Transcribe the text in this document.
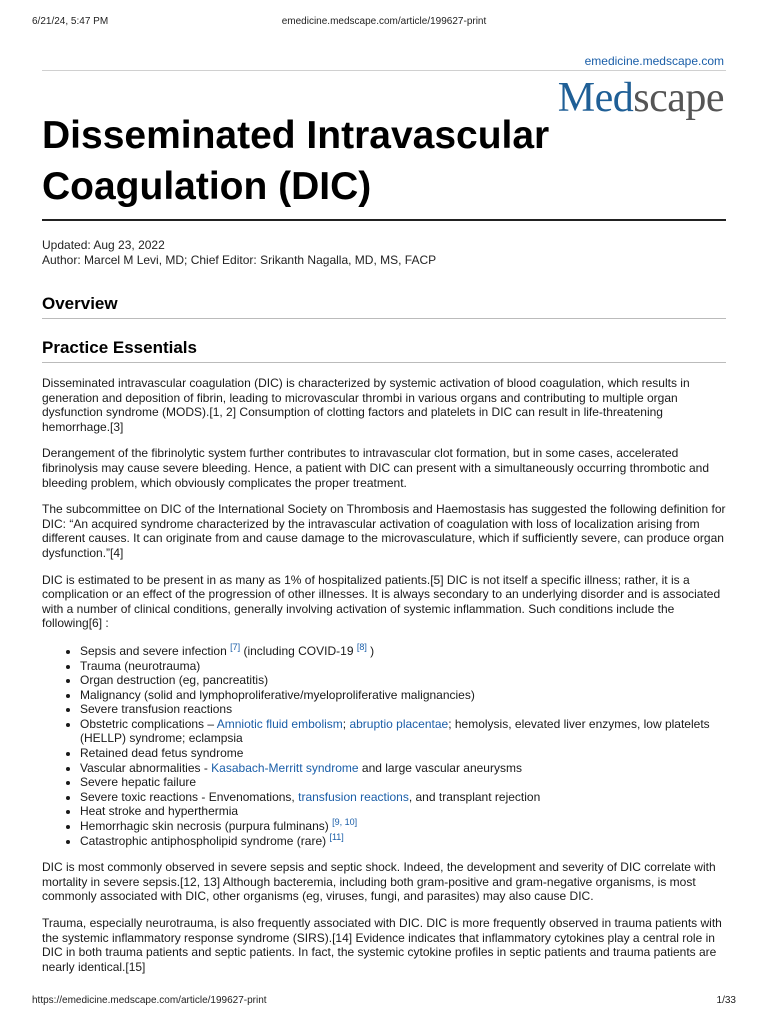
6/21/24, 5:47 PM	emedicine.medscape.com/article/199627-print
emedicine.medscape.com
Medscape
Disseminated Intravascular Coagulation (DIC)
Updated: Aug 23, 2022
Author: Marcel M Levi, MD; Chief Editor: Srikanth Nagalla, MD, MS, FACP
Overview
Practice Essentials

Disseminated intravascular coagulation (DIC) is characterized by systemic activation of blood coagulation, which results in generation and deposition of fibrin, leading to microvascular thrombi in various organs and contributing to multiple organ dysfunction syndrome (MODS).[1, 2] Consumption of clotting factors and platelets in DIC can result in life-threatening hemorrhage.[3]

Derangement of the fibrinolytic system further contributes to intravascular clot formation, but in some cases, accelerated fibrinolysis may cause severe bleeding. Hence, a patient with DIC can present with a simultaneously occurring thrombotic and bleeding problem, which obviously complicates the proper treatment.

The subcommittee on DIC of the International Society on Thrombosis and Haemostasis has suggested the following definition for DIC: “An acquired syndrome characterized by the intravascular activation of coagulation with loss of localization arising from different causes. It can originate from and cause damage to the microvasculature, which if sufficiently severe, can produce organ dysfunction.”[4]

DIC is estimated to be present in as many as 1% of hospitalized patients.[5] DIC is not itself a specific illness; rather, it is a complication or an effect of the progression of other illnesses. It is always secondary to an underlying disorder and is associated with a number of clinical conditions, generally involving activation of systemic inflammation. Such conditions include the following[6] :

• Sepsis and severe infection [7] (including COVID-19 [8] )
• Trauma (neurotrauma)
• Organ destruction (eg, pancreatitis)
• Malignancy (solid and lymphoproliferative/myeloproliferative malignancies)
• Severe transfusion reactions
• Obstetric complications – Amniotic fluid embolism; abruptio placentae; hemolysis, elevated liver enzymes, low platelets (HELLP) syndrome; eclampsia
• Retained dead fetus syndrome
• Vascular abnormalities - Kasabach-Merritt syndrome and large vascular aneurysms
• Severe hepatic failure
• Severe toxic reactions - Envenomations, transfusion reactions, and transplant rejection
• Heat stroke and hyperthermia
• Hemorrhagic skin necrosis (purpura fulminans) [9, 10]
• Catastrophic antiphospholipid syndrome (rare) [11]

DIC is most commonly observed in severe sepsis and septic shock. Indeed, the development and severity of DIC correlate with mortality in severe sepsis.[12, 13] Although bacteremia, including both gram-positive and gram-negative organisms, is most commonly associated with DIC, other organisms (eg, viruses, fungi, and parasites) may also cause DIC.

Trauma, especially neurotrauma, is also frequently associated with DIC. DIC is more frequently observed in trauma patients with the systemic inflammatory response syndrome (SIRS).[14] Evidence indicates that inflammatory cytokines play a central role in DIC in both trauma patients and septic patients. In fact, the systemic cytokine profiles in septic patients and trauma patients are nearly identical.[15]

https://emedicine.medscape.com/article/199627-print	1/33
